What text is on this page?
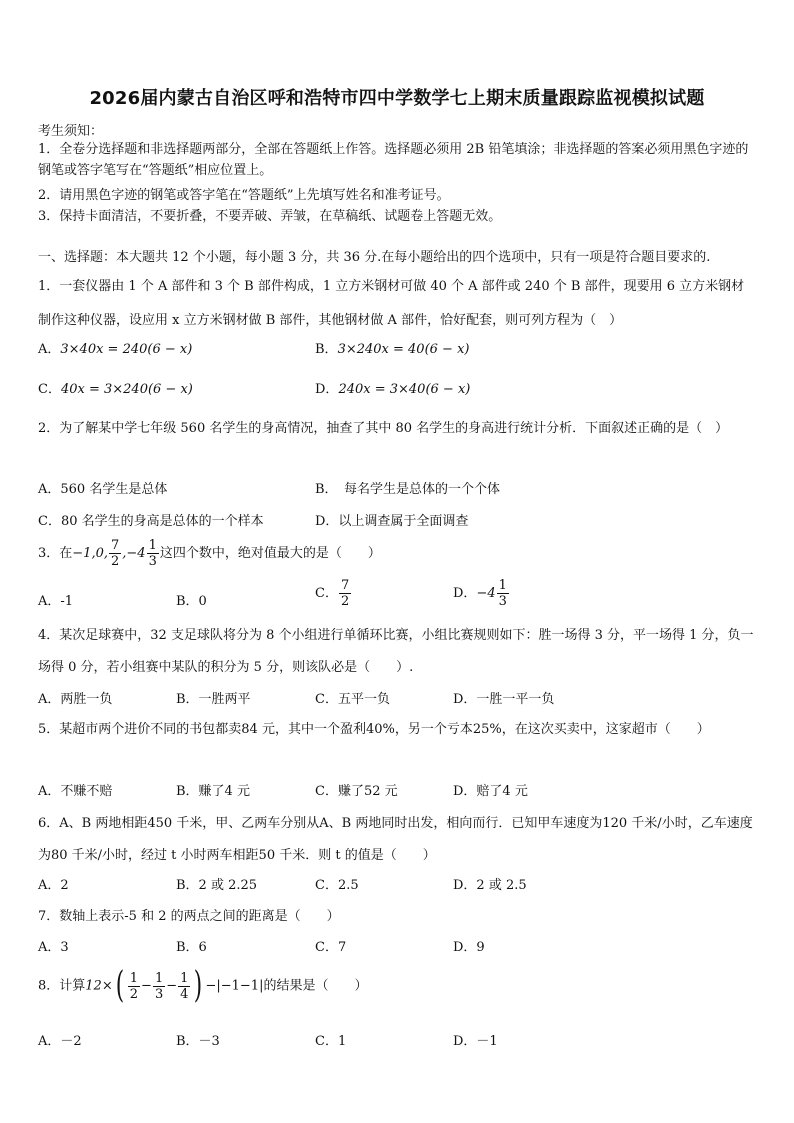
2026届内蒙古自治区呼和浩特市四中学数学七上期末质量跟踪监视模拟试题
考生须知：
1．全卷分选择题和非选择题两部分，全部在答题纸上作答。选择题必须用 2B 铅笔填涂；非选择题的答案必须用黑色字迹的钢笔或答字笔写在“答题纸”相应位置上。
2．请用黑色字迹的钢笔或答字笔在“答题纸”上先填写姓名和准考证号。
3．保持卡面清洁，不要折叠，不要弄破、弄皱，在草稿纸、试题卷上答题无效。
一、选择题：本大题共 12 个小题，每小题 3 分，共 36 分.在每小题给出的四个选项中，只有一项是符合题目要求的.
1．一套仪器由 1 个 A 部件和 3 个 B 部件构成，1 立方米钢材可做 40 个 A 部件或 240 个 B 部件，现要用 6 立方米钢材制作这种仪器，设应用 x 立方米钢材做 B 部件，其他钢材做 A 部件，恰好配套，则可列方程为（　）
A．3×40x = 240(6 − x)	B．3×240x = 40(6 − x)
C．40x = 3×240(6 − x)	D．240x = 3×40(6 − x)
2．为了解某中学七年级 560 名学生的身高情况，抽查了其中 80 名学生的身高进行统计分析．下面叙述正确的是（　）
A．560 名学生是总体	B．　每名学生是总体的一个个体
C．80 名学生的身高是总体的一个样本	D．以上调查属于全面调查
3．在−1,0, $\frac{7}{2} ,-4 \frac{1}{3}$ 这四个数中，绝对值最大的是（　　）
A．-1	B．0
C． $\frac{7}{2}$	D．$-4 \frac{1}{3}$
4．某次足球赛中，32 支足球队将分为 8 个小组进行单循环比赛，小组比赛规则如下：胜一场得 3 分，平一场得 1 分，负一场得 0 分，若小组赛中某队的积分为 5 分，则该队必是（　　）.
A．两胜一负	B．一胜两平	C．五平一负	D．一胜一平一负
5．某超市两个进价不同的书包都卖84 元，其中一个盈利40%，另一个亏本25%，在这次买卖中，这家超市（　　）
A．不赚不赔	B．赚了4 元	C．赚了52 元	D．赔了4 元
6．A、B 两地相距450 千米，甲、乙两车分别从A、B 两地同时出发，相向而行．已知甲车速度为120 千米/小时，乙车速度为80 千米/小时，经过 t 小时两车相距50 千米．则 t 的值是（　　）
A．2	B．2 或 2.25	C．2.5	D．2 或 2.5
7．数轴上表示-5 和 2 的两点之间的距离是（　　）
A．3	B．6	C．7	D．9
8．计算$12\times( \frac{1}{2} - \frac{1}{3} - \frac{1}{4}$ ) −|−1−1|的结果是（　　）
A．－2	B．－3	C．1	D．－1
